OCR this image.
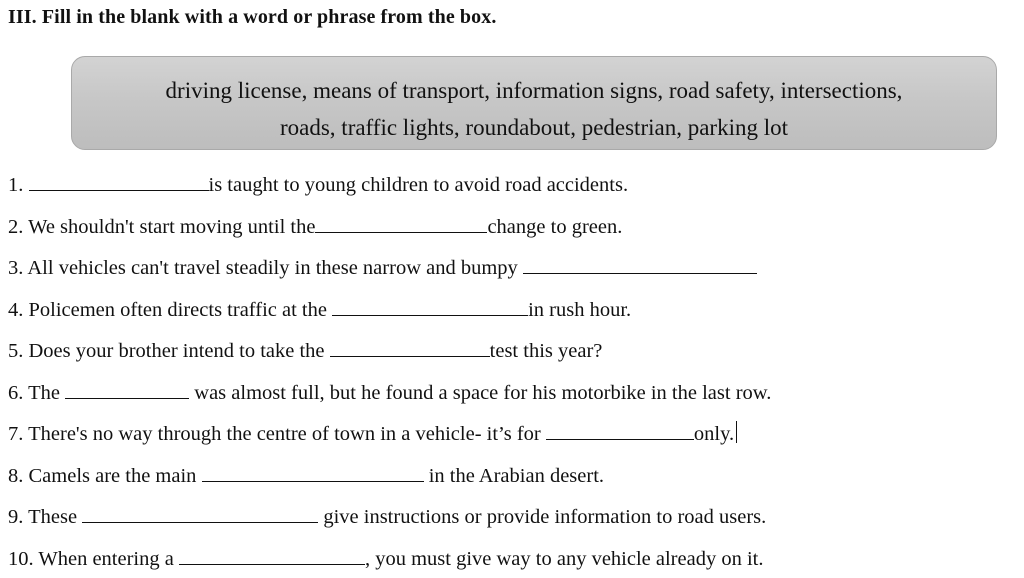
III. Fill in the blank with a word or phrase from the box.
driving license, means of transport, information signs, road safety, intersections,
roads, traffic lights, roundabout, pedestrian, parking lot
1.	is taught to young children to avoid road accidents.
2. We shouldn't start moving until the	change to green.
3. All vehicles can't travel steadily in these narrow and bumpy
4. Policemen often directs traffic at the	in rush hour.
5. Does your brother intend to take the	test this year?
6. The	was almost full, but he found a space for his motorbike in the last row.
7. There's no way through the centre of town in a vehicle- it’s for	only.
8. Camels are the main	in the Arabian desert.
9. These	give instructions or provide information to road users.
10. When entering a	, you must give way to any vehicle already on it.
